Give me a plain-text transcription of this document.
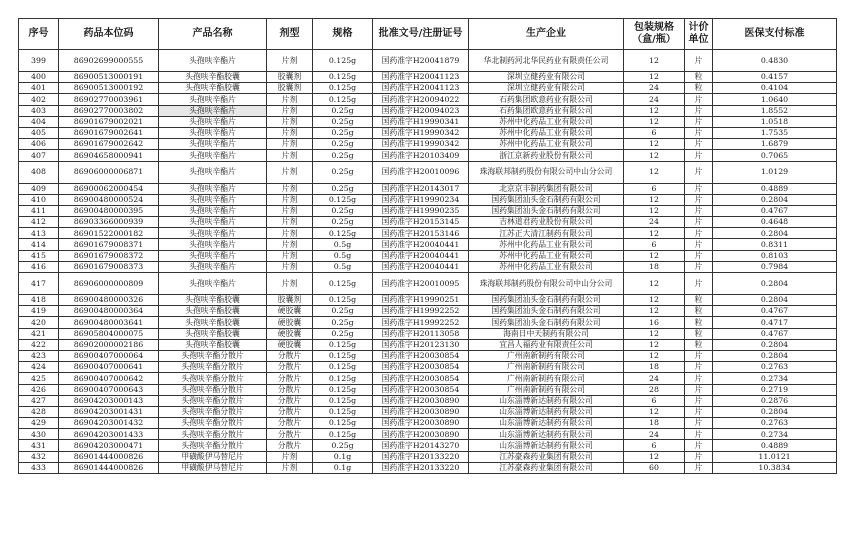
序号	药品本位码	产品名称	剂型	规格	批准文号/注册证号	生产企业	包装规格（盒/瓶）	计价单位	医保支付标准
399	86902699000555	头孢呋辛酯片	片剂	0.125g	国药准字H20041879	华北制药河北华民药业有限责任公司	12	片	0.4830
400	86900513000191	头孢呋辛酯胶囊	胶囊剂	0.125g	国药准字H20041123	深圳立健药业有限公司	12	粒	0.4157
401	86900513000192	头孢呋辛酯胶囊	胶囊剂	0.125g	国药准字H20041123	深圳立健药业有限公司	24	粒	0.4104
402	86902770003961	头孢呋辛酯片	片剂	0.125g	国药准字H20094022	石药集团欧意药业有限公司	24	片	1.0640
403	86902770003802	头孢呋辛酯片	片剂	0.25g	国药准字H20094023	石药集团欧意药业有限公司	12	片	1.8552
404	86901679002021	头孢呋辛酯片	片剂	0.25g	国药准字H19990341	苏州中化药品工业有限公司	12	片	1.0518
405	86901679002641	头孢呋辛酯片	片剂	0.25g	国药准字H19990342	苏州中化药品工业有限公司	6	片	1.7535
406	86901679002642	头孢呋辛酯片	片剂	0.25g	国药准字H19990342	苏州中化药品工业有限公司	12	片	1.6879
407	86904658000941	头孢呋辛酯片	片剂	0.25g	国药准字H20103409	浙江京新药业股份有限公司	12	片	0.7065
408	86906000006871	头孢呋辛酯片	片剂	0.25g	国药准字H20010096	珠海联邦制药股份有限公司中山分公司	12	片	1.0129
409	86900062000454	头孢呋辛酯片	片剂	0.25g	国药准字H20143017	北京京丰制药集团有限公司	6	片	0.4889
410	86900480000524	头孢呋辛酯片	片剂	0.125g	国药准字H19990234	国药集团汕头金石制药有限公司	12	片	0.2804
411	86900480000395	头孢呋辛酯片	片剂	0.25g	国药准字H19990235	国药集团汕头金石制药有限公司	12	片	0.4767
412	86903366000939	头孢呋辛酯片	片剂	0.25g	国药准字H20153145	吉林道君药业股份有限公司	24	片	0.4648
413	86901522000182	头孢呋辛酯片	片剂	0.125g	国药准字H20153146	江苏正大清江制药有限公司	12	片	0.2804
414	86901679008371	头孢呋辛酯片	片剂	0.5g	国药准字H20040441	苏州中化药品工业有限公司	6	片	0.8311
415	86901679008372	头孢呋辛酯片	片剂	0.5g	国药准字H20040441	苏州中化药品工业有限公司	12	片	0.8103
416	86901679008373	头孢呋辛酯片	片剂	0.5g	国药准字H20040441	苏州中化药品工业有限公司	18	片	0.7984
417	86906000000809	头孢呋辛酯片	片剂	0.125g	国药准字H20010095	珠海联邦制药股份有限公司中山分公司	12	片	0.2804
418	86900480000326	头孢呋辛酯胶囊	胶囊剂	0.125g	国药准字H19990251	国药集团汕头金石制药有限公司	12	粒	0.2804
419	86900480000364	头孢呋辛酯胶囊	硬胶囊	0.25g	国药准字H19992252	国药集团汕头金石制药有限公司	12	粒	0.4767
420	86900480003641	头孢呋辛酯胶囊	硬胶囊	0.25g	国药准字H19992252	国药集团汕头金石制药有限公司	16	粒	0.4717
421	86905804000075	头孢呋辛酯胶囊	硬胶囊	0.25g	国药准字H20113058	海南日中天制药有限公司	12	粒	0.4767
422	86902000002186	头孢呋辛酯胶囊	硬胶囊	0.125g	国药准字H20123130	宜昌人福药业有限责任公司	12	粒	0.2804
423	86900407000064	头孢呋辛酯分散片	分散片	0.125g	国药准字H20030854	广州南新制药有限公司	12	片	0.2804
424	86900407000641	头孢呋辛酯分散片	分散片	0.125g	国药准字H20030854	广州南新制药有限公司	18	片	0.2763
425	86900407000642	头孢呋辛酯分散片	分散片	0.125g	国药准字H20030854	广州南新制药有限公司	24	片	0.2734
426	86900407000643	头孢呋辛酯分散片	分散片	0.125g	国药准字H20030854	广州南新制药有限公司	28	片	0.2719
427	86904203000143	头孢呋辛酯分散片	分散片	0.125g	国药准字H20030890	山东淄博新达制药有限公司	6	片	0.2876
428	86904203001431	头孢呋辛酯分散片	分散片	0.125g	国药准字H20030890	山东淄博新达制药有限公司	12	片	0.2804
429	86904203001432	头孢呋辛酯分散片	分散片	0.125g	国药准字H20030890	山东淄博新达制药有限公司	18	片	0.2763
430	86904203001433	头孢呋辛酯分散片	分散片	0.125g	国药准字H20030890	山东淄博新达制药有限公司	24	片	0.2734
431	86904203000471	头孢呋辛酯分散片	分散片	0.25g	国药准字H20143270	山东淄博新达制药有限公司	6	片	0.4889
432	86901444000826	甲磺酸伊马替尼片	片剂	0.1g	国药准字H20133220	江苏豪森药业集团有限公司	12	片	11.0121
433	86901444000826	甲磺酸伊马替尼片	片剂	0.1g	国药准字H20133220	江苏豪森药业集团有限公司	60	片	10.3834
